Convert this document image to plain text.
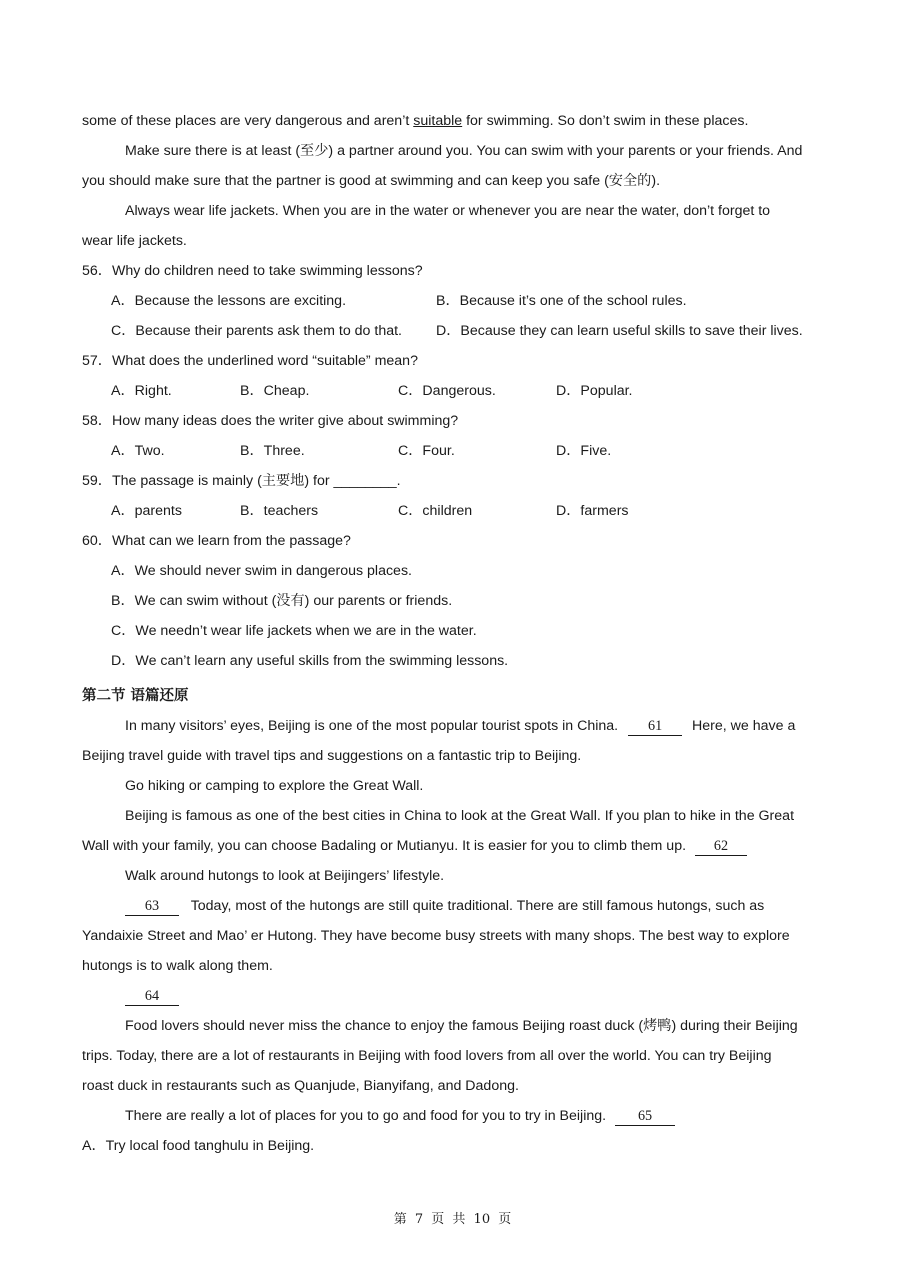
some of these places are very dangerous and aren’t suitable for swimming. So don’t swim in these places.
Make sure there is at least (至少) a partner around you. You can swim with your parents or your friends. And
you should make sure that the partner is good at swimming and can keep you safe (安全的).
Always wear life jackets. When you are in the water or whenever you are near the water, don’t forget to
wear life jackets.
56．Why do children need to take swimming lessons?
A．Because the lessons are exciting.	B．Because it’s one of the school rules.
C．Because their parents ask them to do that. D．Because they can learn useful skills to save their lives.
57．What does the underlined word “suitable” mean?
A．Right.	B．Cheap.	C．Dangerous.	D．Popular.
58．How many ideas does the writer give about swimming?
A．Two.	B．Three.	C．Four.	D．Five.
59．The passage is mainly (主要地) for ________.
A．parents	B．teachers	C．children	D．farmers
60．What can we learn from the passage?
A．We should never swim in dangerous places.
B．We can swim without (没有) our parents or friends.
C．We needn’t wear life jackets when we are in the water.
D．We can’t learn any useful skills from the swimming lessons.
第二节 语篇还原
In many visitors’ eyes, Beijing is one of the most popular tourist spots in China. 61 Here, we have a
Beijing travel guide with travel tips and suggestions on a fantastic trip to Beijing.
Go hiking or camping to explore the Great Wall.
Beijing is famous as one of the best cities in China to look at the Great Wall. If you plan to hike in the Great
Wall with your family, you can choose Badaling or Mutianyu. It is easier for you to climb them up. 62
Walk around hutongs to look at Beijingers’ lifestyle.
63 Today, most of the hutongs are still quite traditional. There are still famous hutongs, such as
Yandaixie Street and Mao’ er Hutong. They have become busy streets with many shops. The best way to explore
hutongs is to walk along them.
64
Food lovers should never miss the chance to enjoy the famous Beijing roast duck (烤鸭) during their Beijing
trips. Today, there are a lot of restaurants in Beijing with food lovers from all over the world. You can try Beijing
roast duck in restaurants such as Quanjude, Bianyifang, and Dadong.
There are really a lot of places for you to go and food for you to try in Beijing. 65
A．Try local food tanghulu in Beijing.
第 7 页 共 10 页
